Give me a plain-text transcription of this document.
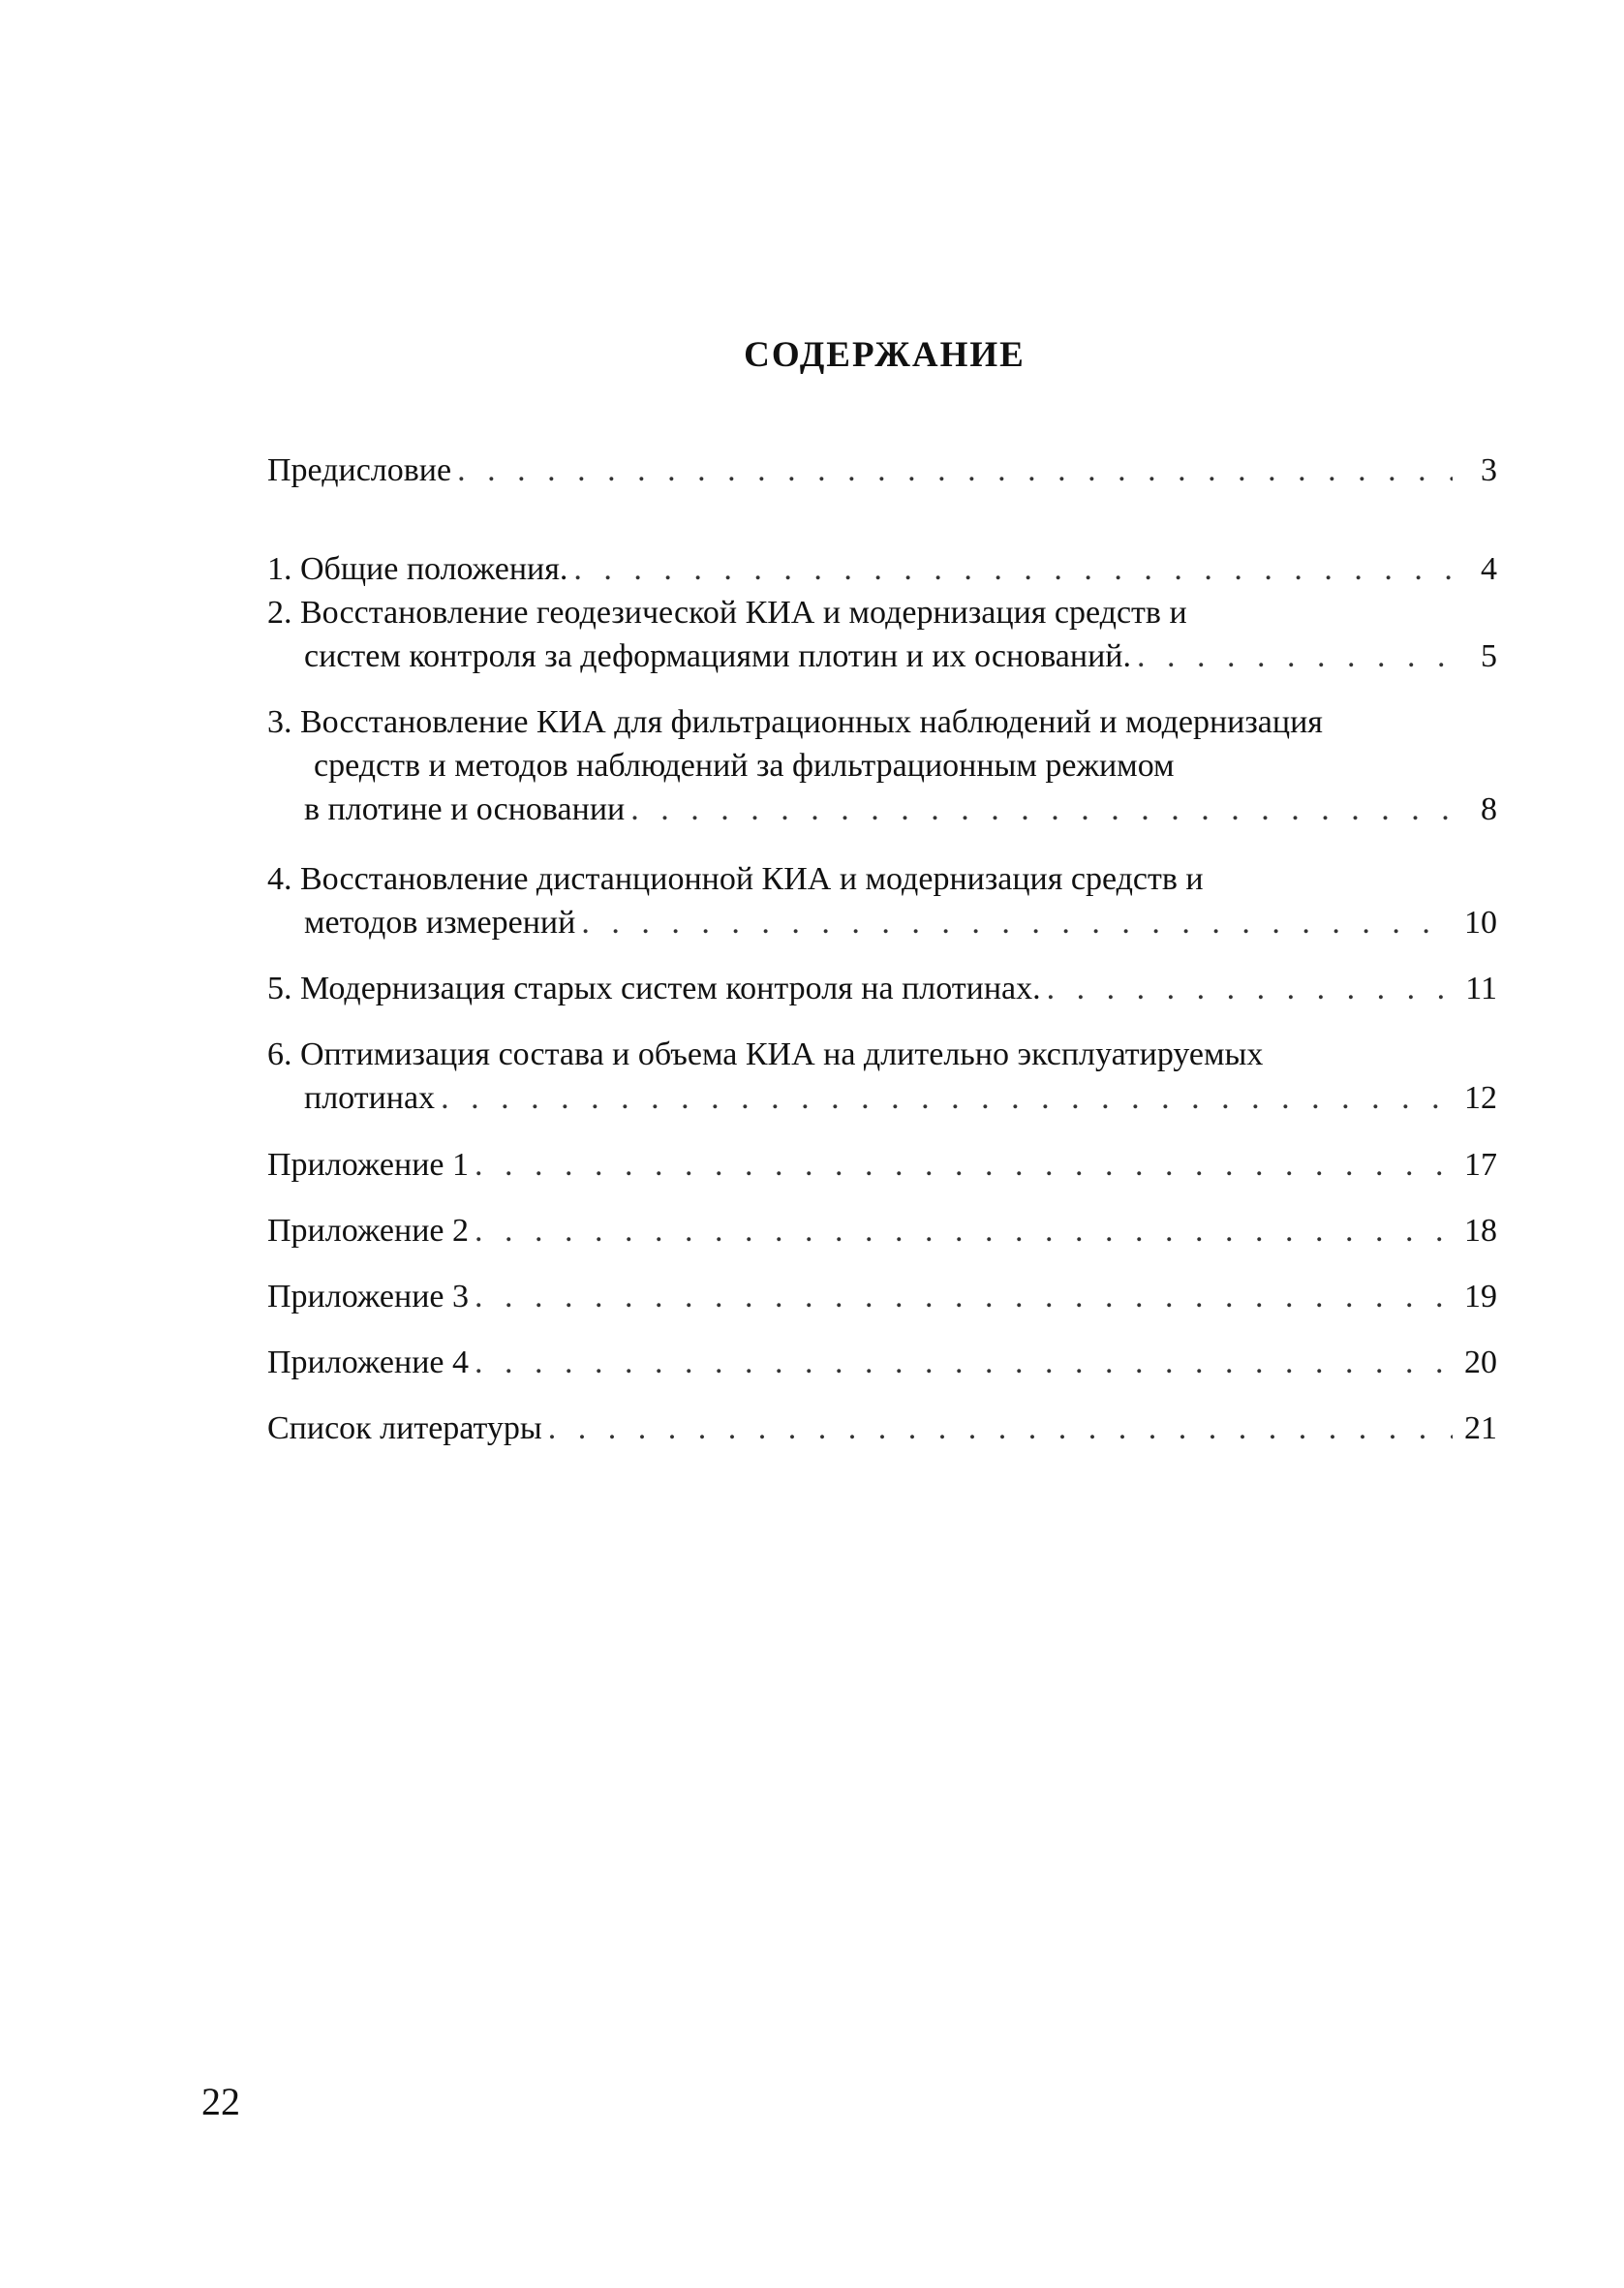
СОДЕРЖАНИЕ
Предисловие . . .	3
1. Общие положения. . . .	4
2. Восстановление геодезической КИА и модернизация средств и
систем контроля за деформациями плотин и их оснований. . . .	5
3. Восстановление КИА для фильтрационных наблюдений и модернизация
средств и методов наблюдений за фильтрационным режимом
в плотине и основании . . .	8
4. Восстановление дистанционной КИА и модернизация средств и
методов измерений . . .	10
5. Модернизация старых систем контроля на плотинах. . . .	11
6. Оптимизация состава и объема КИА на длительно эксплуатируемых
плотинах . . .	12
Приложение 1 . . .	17
Приложение 2 . . .	18
Приложение 3 . . .	19
Приложение 4 . . .	20
Список литературы . . .	21
22
